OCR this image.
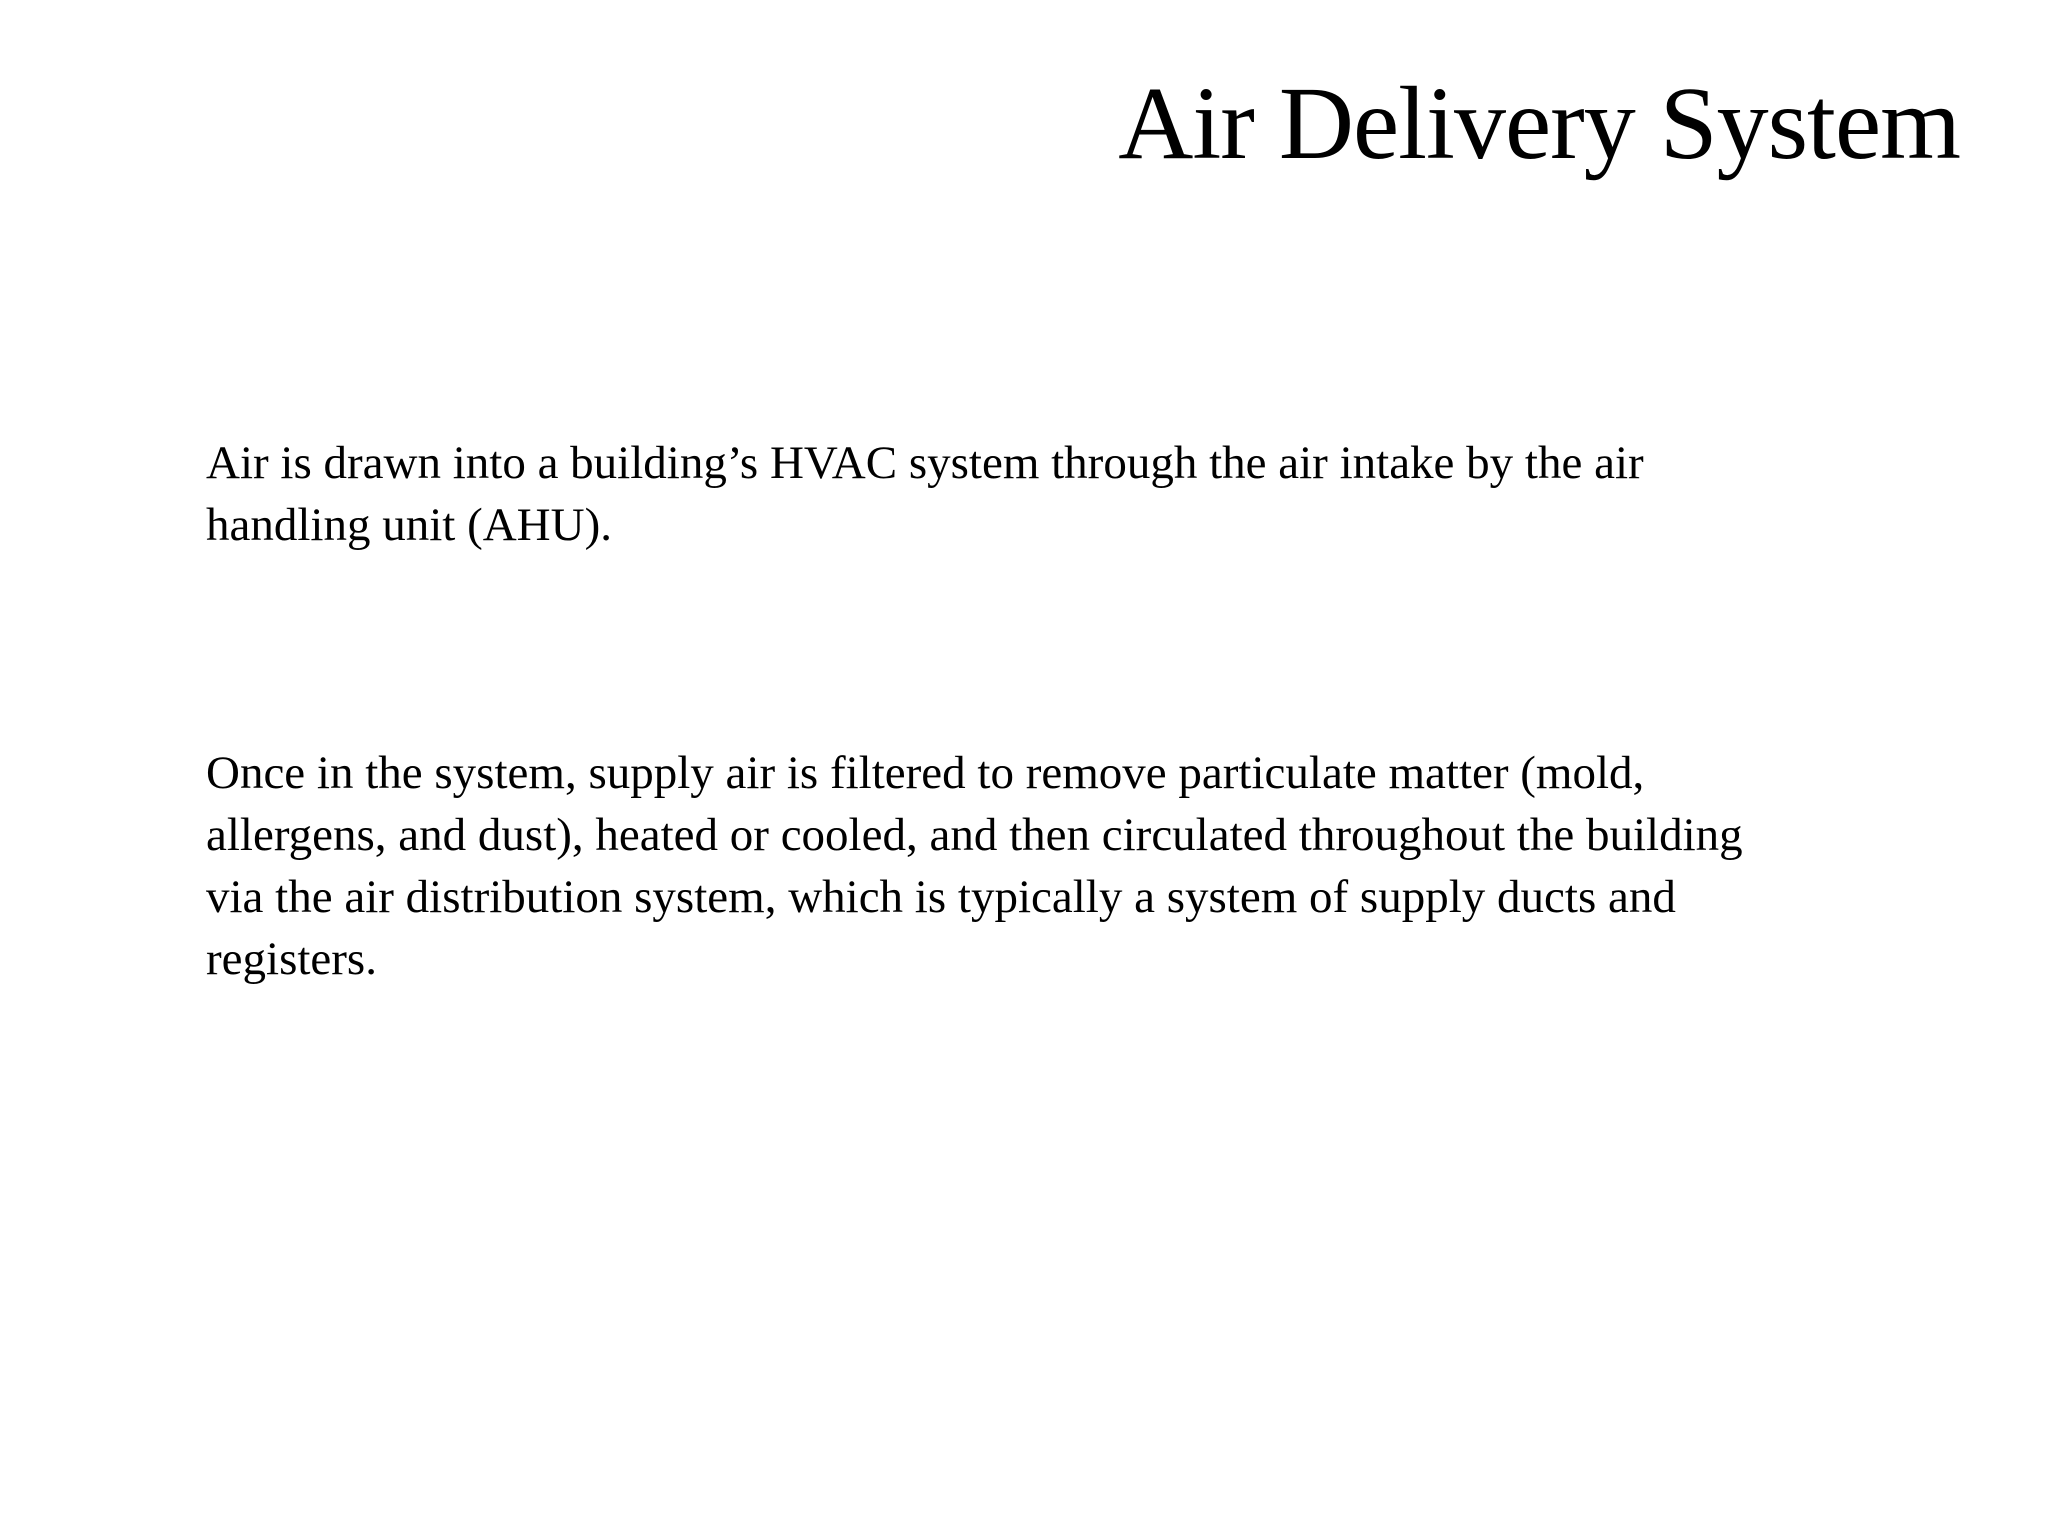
Air Delivery System

Air is drawn into a building’s HVAC system through the air intake by the air handling unit (AHU).

Once in the system, supply air is filtered to remove particulate matter (mold, allergens, and dust), heated or cooled, and then circulated throughout the building via the air distribution system, which is typically a system of supply ducts and registers.
